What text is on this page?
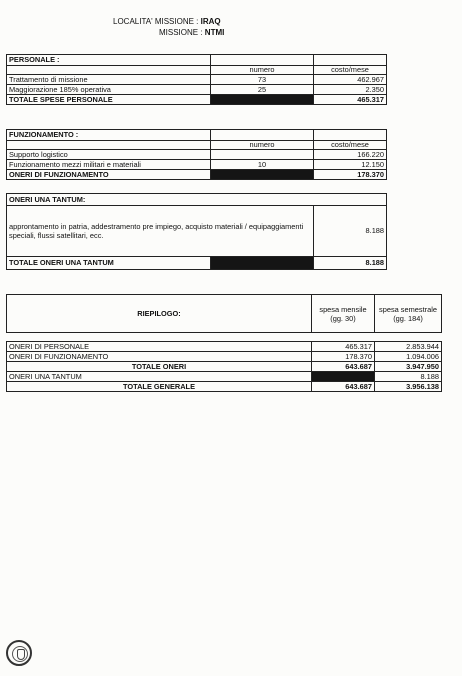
LOCALITA' MISSIONE : IRAQ
MISSIONE : NTMI
PERSONALE :		
	numero	costo/mese
Trattamento di missione	73	462.967
Maggiorazione 185% operativa	25	2.350
TOTALE SPESE PERSONALE		465.317
FUNZIONAMENTO :		
	numero	costo/mese
Supporto logistico		166.220
Funzionamento mezzi militari e materiali	10	12.150
ONERI DI FUNZIONAMENTO		178.370
ONERI UNA TANTUM:		
approntamento in patria, addestramento pre impiego, acquisto materiali / equipaggiamenti speciali, flussi satellitari, ecc.		8.188
TOTALE ONERI UNA TANTUM		8.188
RIEPILOGO:	spesa mensile (gg. 30)	spesa semestrale (gg. 184)
ONERI DI PERSONALE	465.317	2.853.944
ONERI DI FUNZIONAMENTO	178.370	1.094.006
TOTALE ONERI	643.687	3.947.950
ONERI UNA TANTUM		8.188
TOTALE GENERALE	643.687	3.956.138
